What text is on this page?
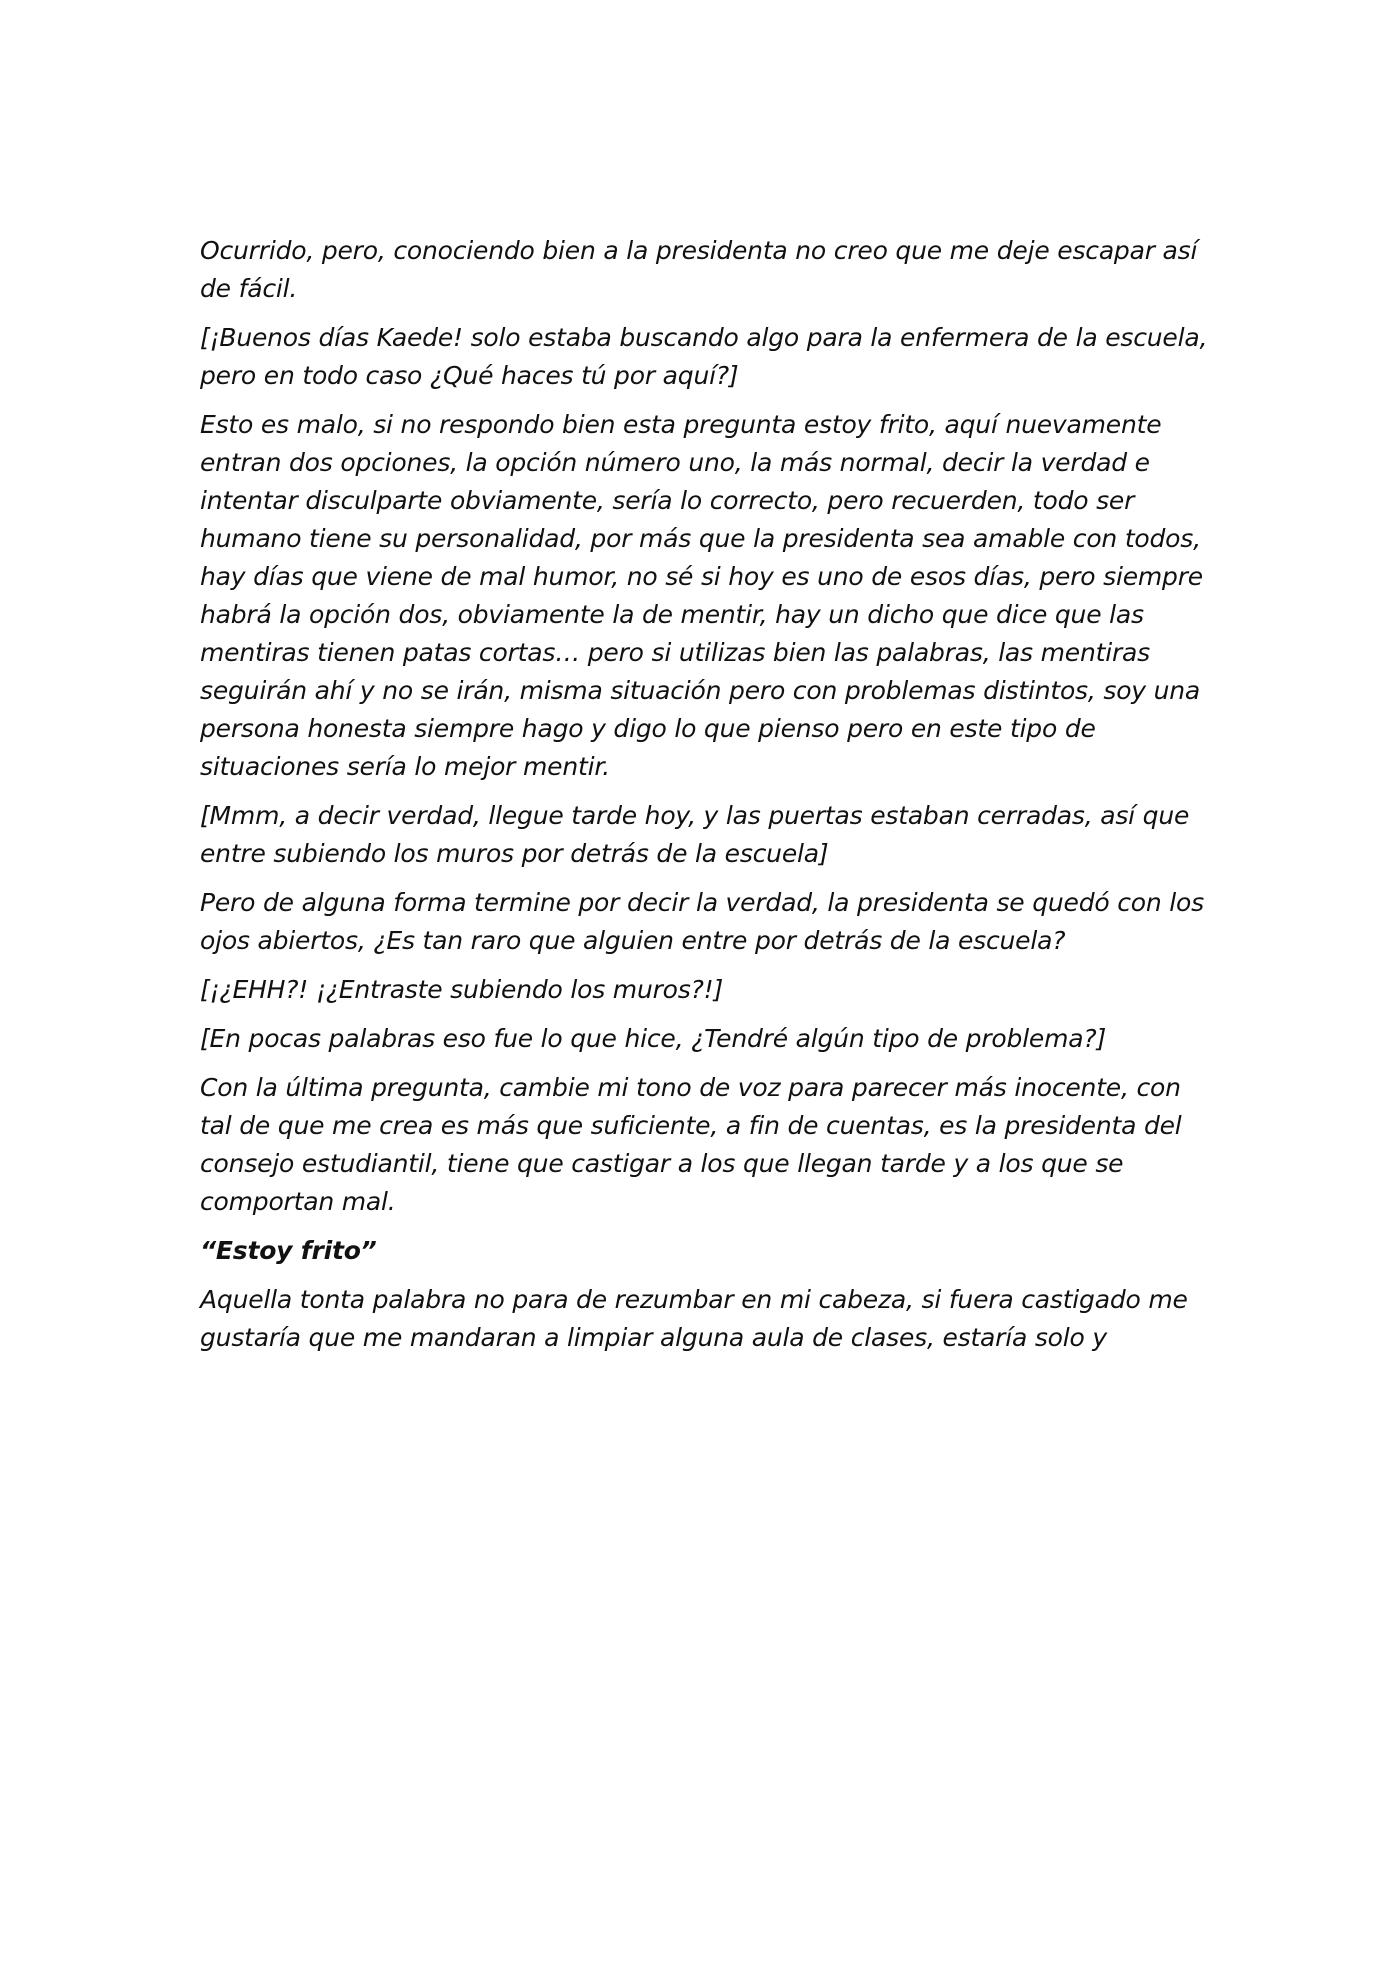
Ocurrido, pero, conociendo bien a la presidenta no creo que me deje escapar así de fácil.

[¡Buenos días Kaede! solo estaba buscando algo para la enfermera de la escuela, pero en todo caso ¿Qué haces tú por aquí?]

Esto es malo, si no respondo bien esta pregunta estoy frito, aquí nuevamente entran dos opciones, la opción número uno, la más normal, decir la verdad e intentar disculparte obviamente, sería lo correcto, pero recuerden, todo ser humano tiene su personalidad, por más que la presidenta sea amable con todos, hay días que viene de mal humor, no sé si hoy es uno de esos días, pero siempre habrá la opción dos, obviamente la de mentir, hay un dicho que dice que las mentiras tienen patas cortas… pero si utilizas bien las palabras, las mentiras seguirán ahí y no se irán, misma situación pero con problemas distintos, soy una persona honesta siempre hago y digo lo que pienso pero en este tipo de situaciones sería lo mejor mentir.

[Mmm, a decir verdad, llegue tarde hoy, y las puertas estaban cerradas, así que entre subiendo los muros por detrás de la escuela]

Pero de alguna forma termine por decir la verdad, la presidenta se quedó con los ojos abiertos, ¿Es tan raro que alguien entre por detrás de la escuela?

[¡¿EHH?! ¡¿Entraste subiendo los muros?!]

[En pocas palabras eso fue lo que hice, ¿Tendré algún tipo de problema?]

Con la última pregunta, cambie mi tono de voz para parecer más inocente, con tal de que me crea es más que suficiente, a fin de cuentas, es la presidenta del consejo estudiantil, tiene que castigar a los que llegan tarde y a los que se comportan mal.

“Estoy frito”

Aquella tonta palabra no para de rezumbar en mi cabeza, si fuera castigado me gustaría que me mandaran a limpiar alguna aula de clases, estaría solo y
